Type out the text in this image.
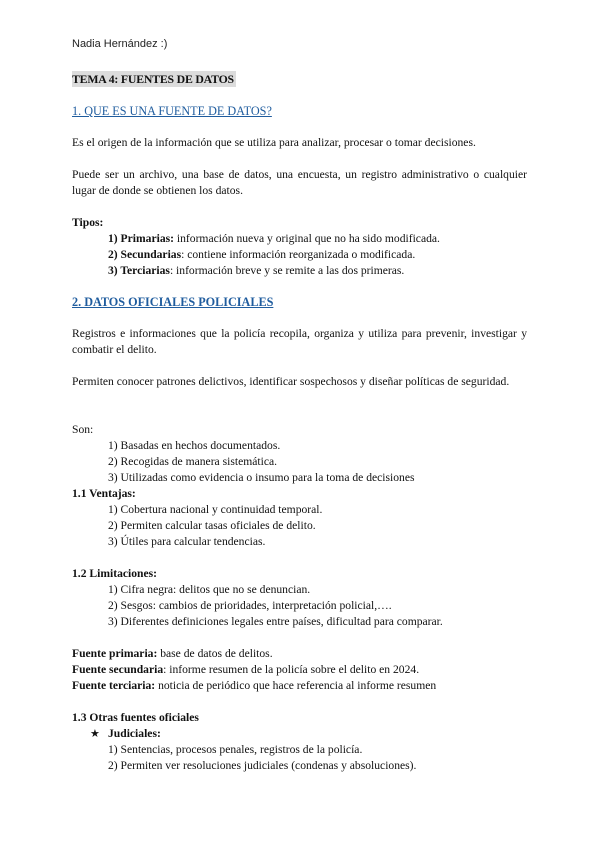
Nadia Hernández :)
TEMA 4: FUENTES DE DATOS
1. QUE ES UNA FUENTE DE DATOS?
Es el origen de la información que se utiliza para analizar, procesar o tomar decisiones.
Puede ser un archivo, una base de datos, una encuesta, un registro administrativo o cualquier lugar de donde se obtienen los datos.
Tipos:
1) Primarias: información nueva y original que no ha sido modificada.
2) Secundarias: contiene información reorganizada o modificada.
3) Terciarias: información breve y se remite a las dos primeras.
2. DATOS OFICIALES POLICIALES
Registros e informaciones que la policía recopila, organiza y utiliza para prevenir, investigar y combatir el delito.
Permiten conocer patrones delictivos, identificar sospechosos y diseñar políticas de seguridad.
Son:
1) Basadas en hechos documentados.
2) Recogidas de manera sistemática.
3) Utilizadas como evidencia o insumo para la toma de decisiones
1.1 Ventajas:
1) Cobertura nacional y continuidad temporal.
2) Permiten calcular tasas oficiales de delito.
3) Útiles para calcular tendencias.
1.2 Limitaciones:
1) Cifra negra: delitos que no se denuncian.
2) Sesgos: cambios de prioridades, interpretación policial,….
3) Diferentes definiciones legales entre países, dificultad para comparar.
Fuente primaria: base de datos de delitos.
Fuente secundaria: informe resumen de la policía sobre el delito en 2024.
Fuente terciaria: noticia de periódico que hace referencia al informe resumen
1.3 Otras fuentes oficiales
★ Judiciales:
1) Sentencias, procesos penales, registros de la policía.
2) Permiten ver resoluciones judiciales (condenas y absoluciones).
